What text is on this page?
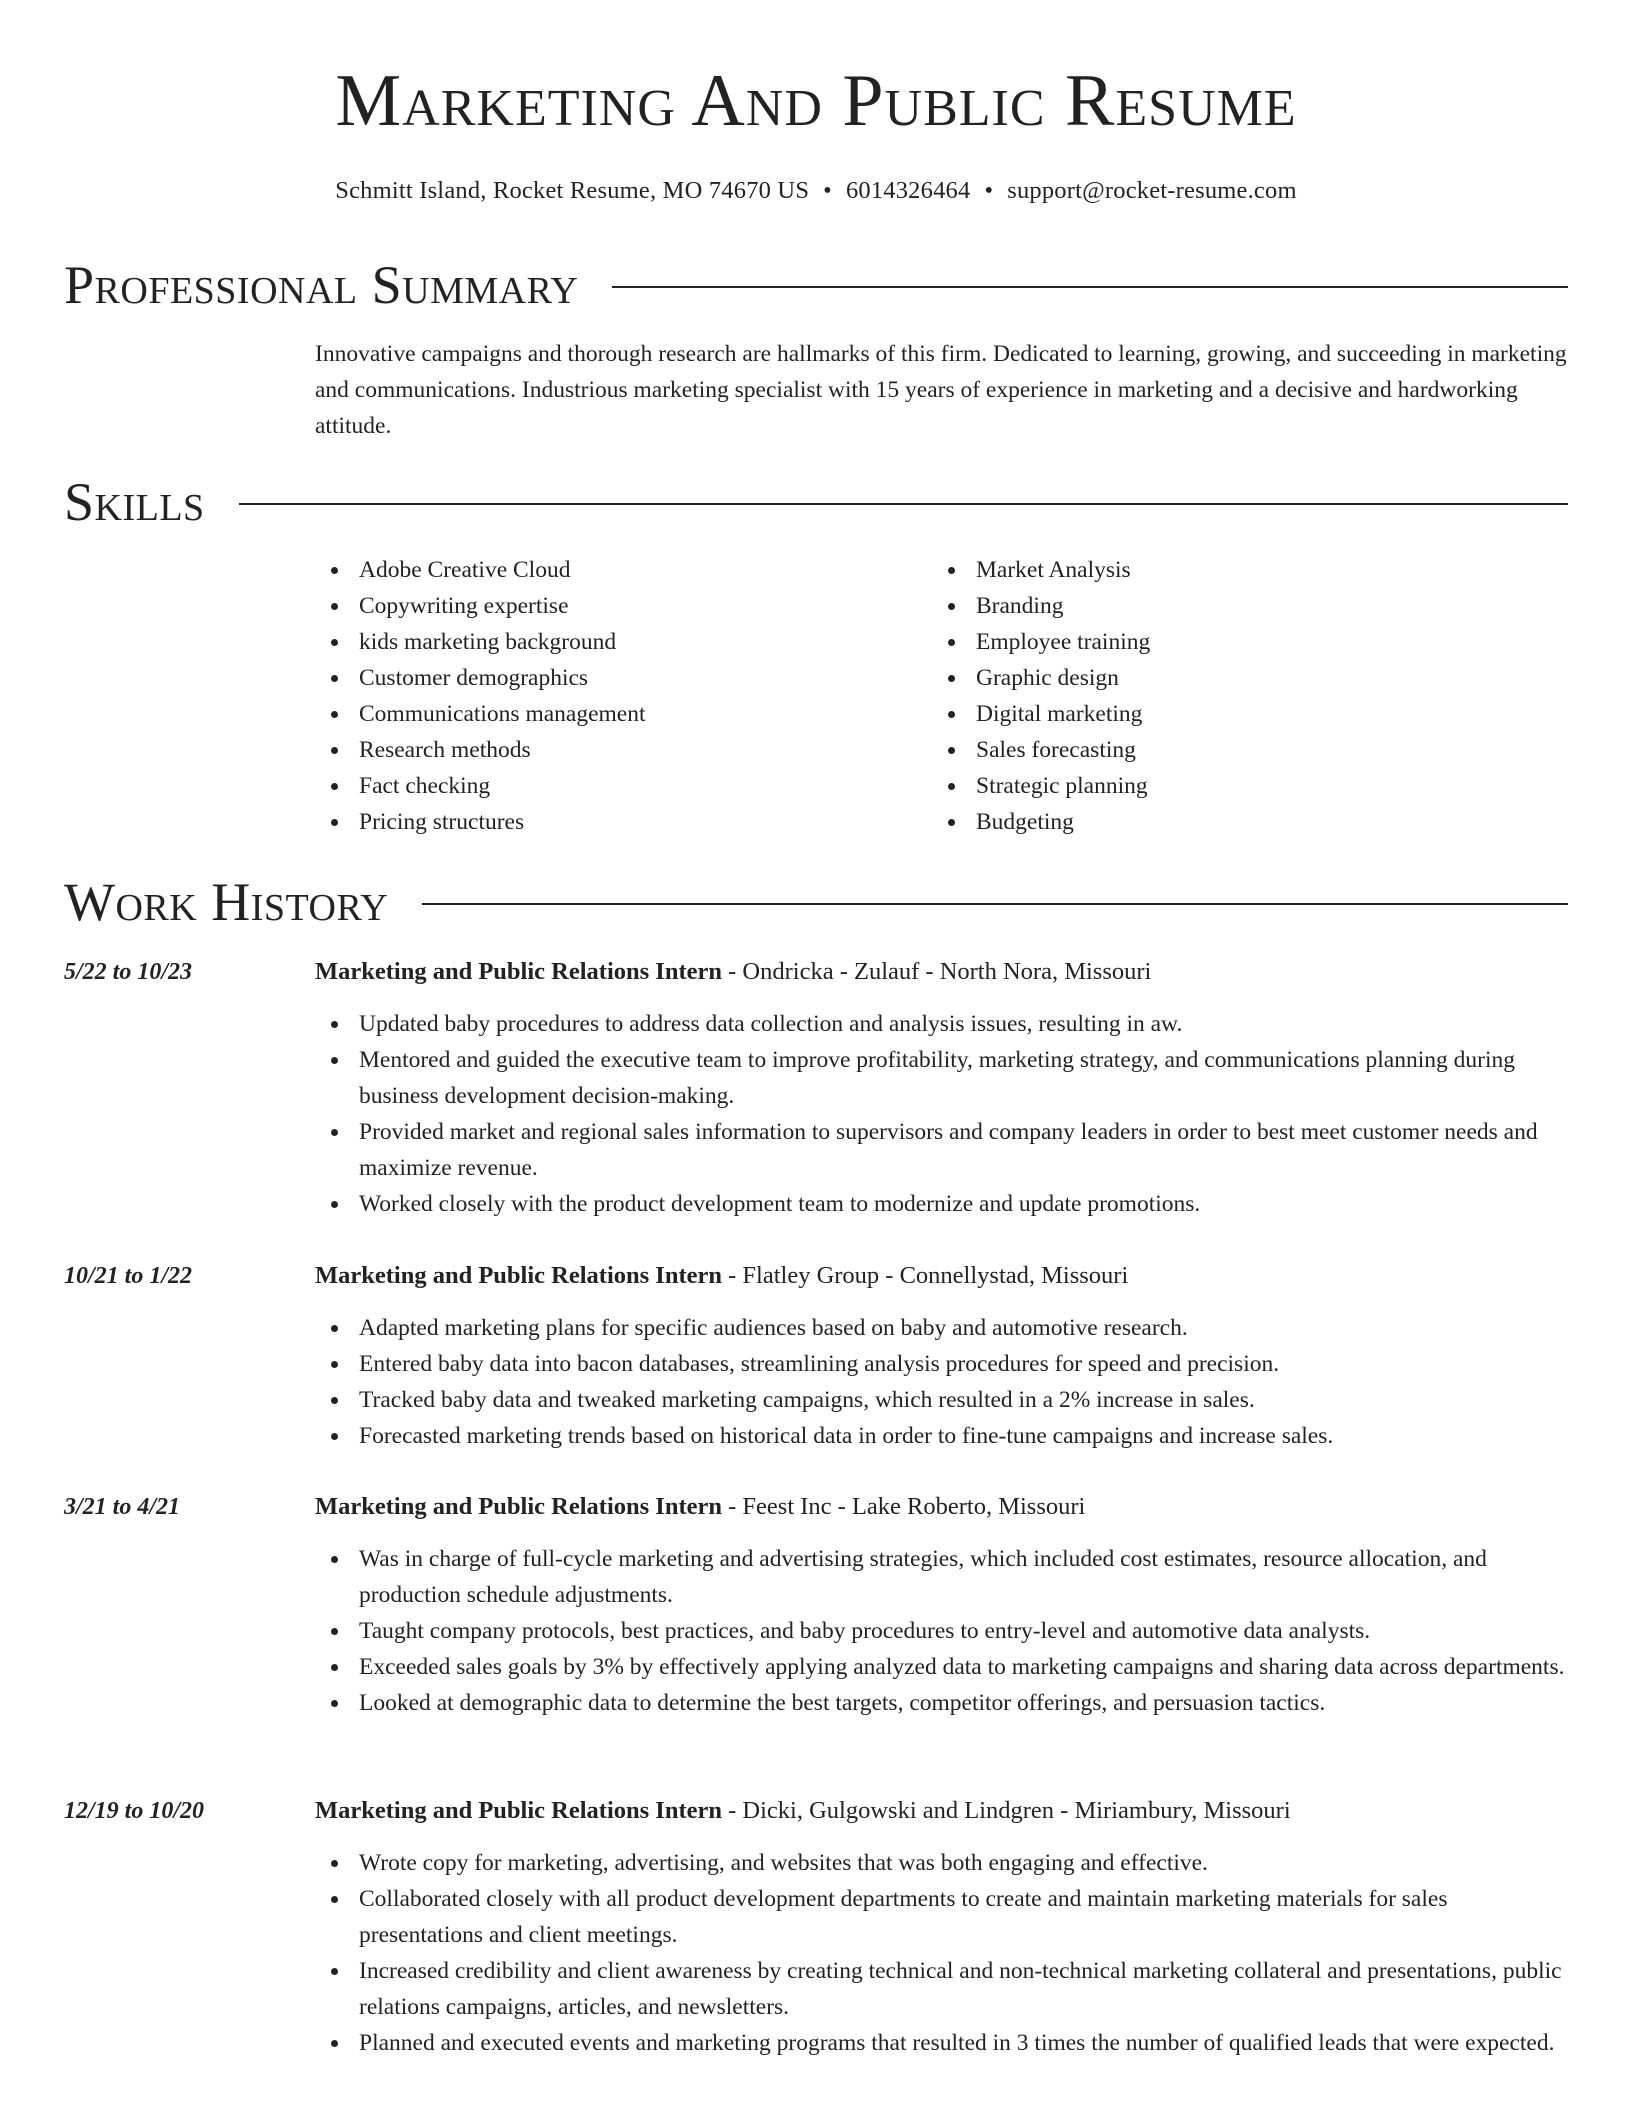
Marketing And Public Resume
Schmitt Island, Rocket Resume, MO 74670 US • 6014326464 • support@rocket-resume.com
Professional Summary
Innovative campaigns and thorough research are hallmarks of this firm. Dedicated to learning, growing, and succeeding in marketing and communications. Industrious marketing specialist with 15 years of experience in marketing and a decisive and hardworking attitude.
Skills
Adobe Creative Cloud
Copywriting expertise
kids marketing background
Customer demographics
Communications management
Research methods
Fact checking
Pricing structures
Market Analysis
Branding
Employee training
Graphic design
Digital marketing
Sales forecasting
Strategic planning
Budgeting
Work History
5/22 to 10/23	Marketing and Public Relations Intern - Ondricka - Zulauf - North Nora, Missouri
Updated baby procedures to address data collection and analysis issues, resulting in aw.
Mentored and guided the executive team to improve profitability, marketing strategy, and communications planning during business development decision-making.
Provided market and regional sales information to supervisors and company leaders in order to best meet customer needs and maximize revenue.
Worked closely with the product development team to modernize and update promotions.
10/21 to 1/22	Marketing and Public Relations Intern - Flatley Group - Connellystad, Missouri
Adapted marketing plans for specific audiences based on baby and automotive research.
Entered baby data into bacon databases, streamlining analysis procedures for speed and precision.
Tracked baby data and tweaked marketing campaigns, which resulted in a 2% increase in sales.
Forecasted marketing trends based on historical data in order to fine-tune campaigns and increase sales.
3/21 to 4/21	Marketing and Public Relations Intern - Feest Inc - Lake Roberto, Missouri
Was in charge of full-cycle marketing and advertising strategies, which included cost estimates, resource allocation, and production schedule adjustments.
Taught company protocols, best practices, and baby procedures to entry-level and automotive data analysts.
Exceeded sales goals by 3% by effectively applying analyzed data to marketing campaigns and sharing data across departments.
Looked at demographic data to determine the best targets, competitor offerings, and persuasion tactics.
12/19 to 10/20	Marketing and Public Relations Intern - Dicki, Gulgowski and Lindgren - Miriambury, Missouri
Wrote copy for marketing, advertising, and websites that was both engaging and effective.
Collaborated closely with all product development departments to create and maintain marketing materials for sales presentations and client meetings.
Increased credibility and client awareness by creating technical and non-technical marketing collateral and presentations, public relations campaigns, articles, and newsletters.
Planned and executed events and marketing programs that resulted in 3 times the number of qualified leads that were expected.
